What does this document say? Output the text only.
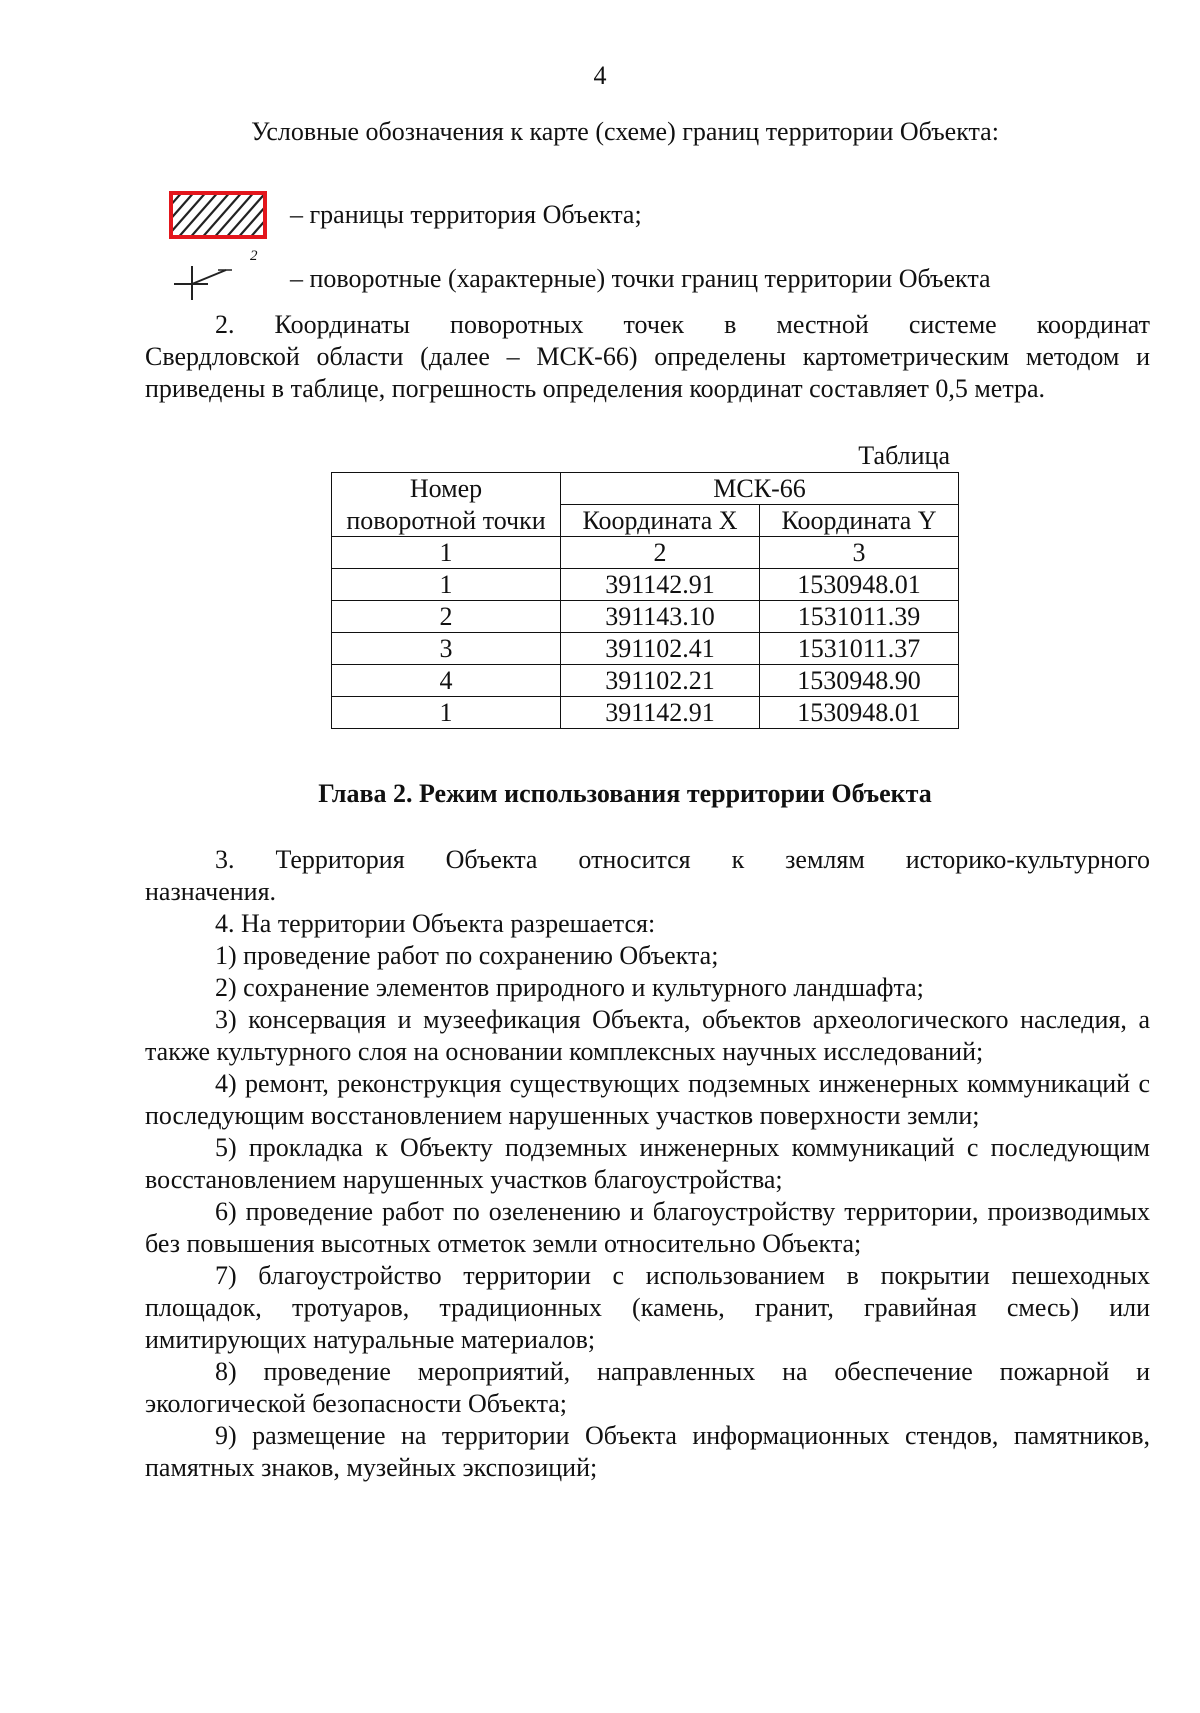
4
Условные обозначения к карте (схеме) границ территории Объекта:
– границы территория Объекта;
2
– поворотные (характерные) точки границ территории Объекта
2. Координаты поворотных точек в местной системе координат

Свердловской области (далее – МСК-66) определены картометрическим методом и приведены в таблице, погрешность определения координат составляет 0,5 метра.

Таблица
Номер	МСК-66	
поворотной точки	Координата X	Координата Y
1	2	3
1	391142.91	1530948.01
2	391143.10	1531011.39
3	391102.41	1531011.37
4	391102.21	1530948.90
1	391142.91	1530948.01
Глава 2. Режим использования территории Объекта
3. Территория Объекта относится к землям историко-культурного

назначения.

4. На территории Объекта разрешается:

1) проведение работ по сохранению Объекта;

2) сохранение элементов природного и культурного ландшафта;

3) консервация и музеефикация Объекта, объектов археологического наследия, а также культурного слоя на основании комплексных научных исследований;

4) ремонт, реконструкция существующих подземных инженерных коммуникаций с последующим восстановлением нарушенных участков поверхности земли;

5) прокладка к Объекту подземных инженерных коммуникаций с последующим восстановлением нарушенных участков благоустройства;

6) проведение работ по озеленению и благоустройству территории, производимых без повышения высотных отметок земли относительно Объекта;

7) благоустройство территории с использованием в покрытии пешеходных площадок, тротуаров, традиционных (камень, гранит, гравийная смесь) или имитирующих натуральные материалов;

8) проведение мероприятий, направленных на обеспечение пожарной и экологической безопасности Объекта;

9) размещение на территории Объекта информационных стендов, памятников, памятных знаков, музейных экспозиций;
